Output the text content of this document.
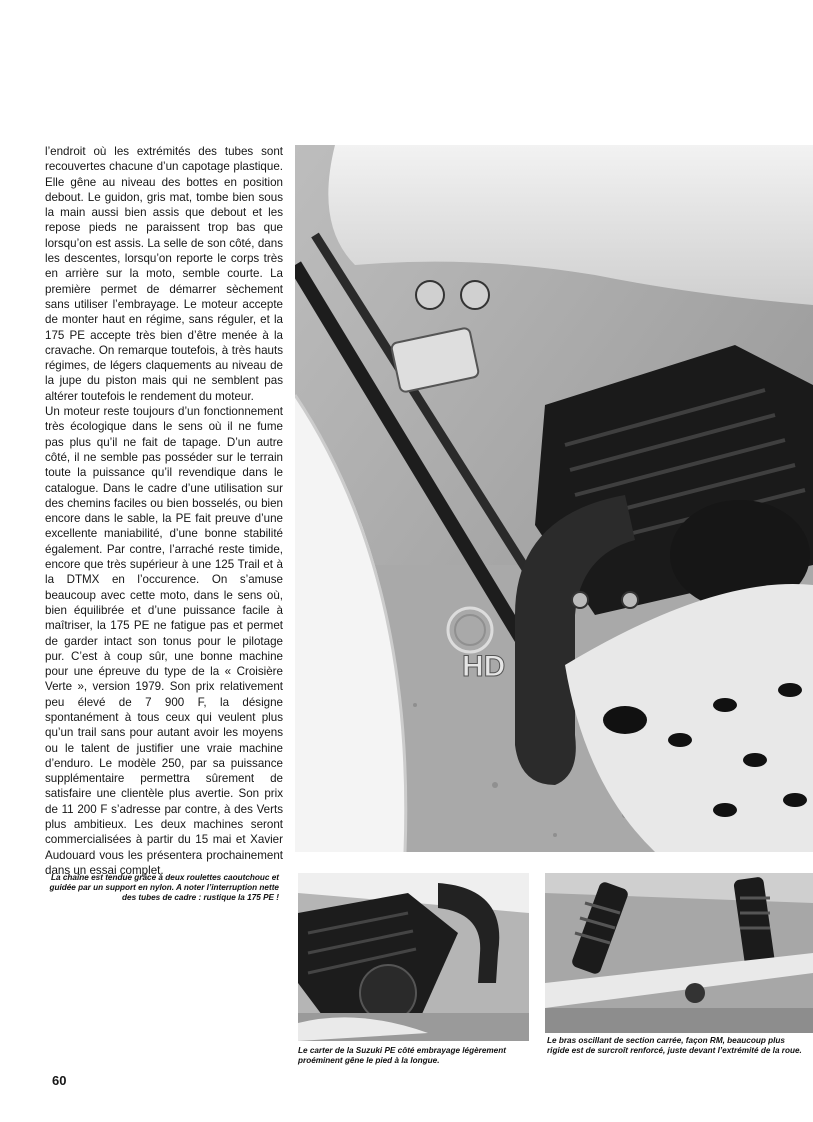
l’endroit où les extrémités des tubes sont recouvertes chacune d’un capotage plastique. Elle gêne au niveau des bottes en position debout. Le guidon, gris mat, tombe bien sous la main aussi bien assis que debout et les repose pieds ne paraissent trop bas que lorsqu’on est assis. La selle de son côté, dans les descentes, lorsqu’on reporte le corps très en arrière sur la moto, semble courte. La première permet de démarrer sèchement sans utiliser l’embrayage. Le moteur accepte de monter haut en régime, sans réguler, et la 175 PE accepte très bien d’être menée à la cravache. On remarque toutefois, à très hauts régimes, de légers claquements au niveau de la jupe du piston mais qui ne semblent pas altérer toutefois le rendement du moteur.

Un moteur reste toujours d’un fonctionnement très écologique dans le sens où il ne fume pas plus qu’il ne fait de tapage. D’un autre côté, il ne semble pas posséder sur le terrain toute la puissance qu’il revendique dans le catalogue. Dans le cadre d’une utilisation sur des chemins faciles ou bien bosselés, ou bien encore dans le sable, la PE fait preuve d’une excellente maniabilité, d’une bonne stabilité également. Par contre, l’arraché reste timide, encore que très supérieur à une 125 Trail et à la DTMX en l’occurence. On s’amuse beaucoup avec cette moto, dans le sens où, bien équilibrée et d’une puissance facile à maîtriser, la 175 PE ne fatigue pas et permet de garder intact son tonus pour le pilotage pur. C’est à coup sûr, une bonne machine pour une épreuve du type de la « Croisière Verte », version 1979. Son prix relativement peu élevé de 7 900 F, la désigne spontanément à tous ceux qui veulent plus qu’un trail sans pour autant avoir les moyens ou le talent de justifier une vraie machine d’enduro. Le modèle 250, par sa puissance supplémentaire permettra sûrement de satisfaire une clientèle plus avertie. Son prix de 11 200 F s’adresse par contre, à des Verts plus ambitieux. Les deux machines seront commercialisées à partir du 15 mai et Xavier Audouard vous les présentera prochainement dans un essai complet.

HD
La chaîne est tendue grâce à deux roulettes caoutchouc et guidée par un support en nylon. A noter l’interruption nette des tubes de cadre : rustique la 175 PE !
Le carter de la Suzuki PE côté embrayage légèrement proéminent gêne le pied à la longue.
Le bras oscillant de section carrée, façon RM, beaucoup plus rigide est de surcroît renforcé, juste devant l’extrémité de la roue.
60
